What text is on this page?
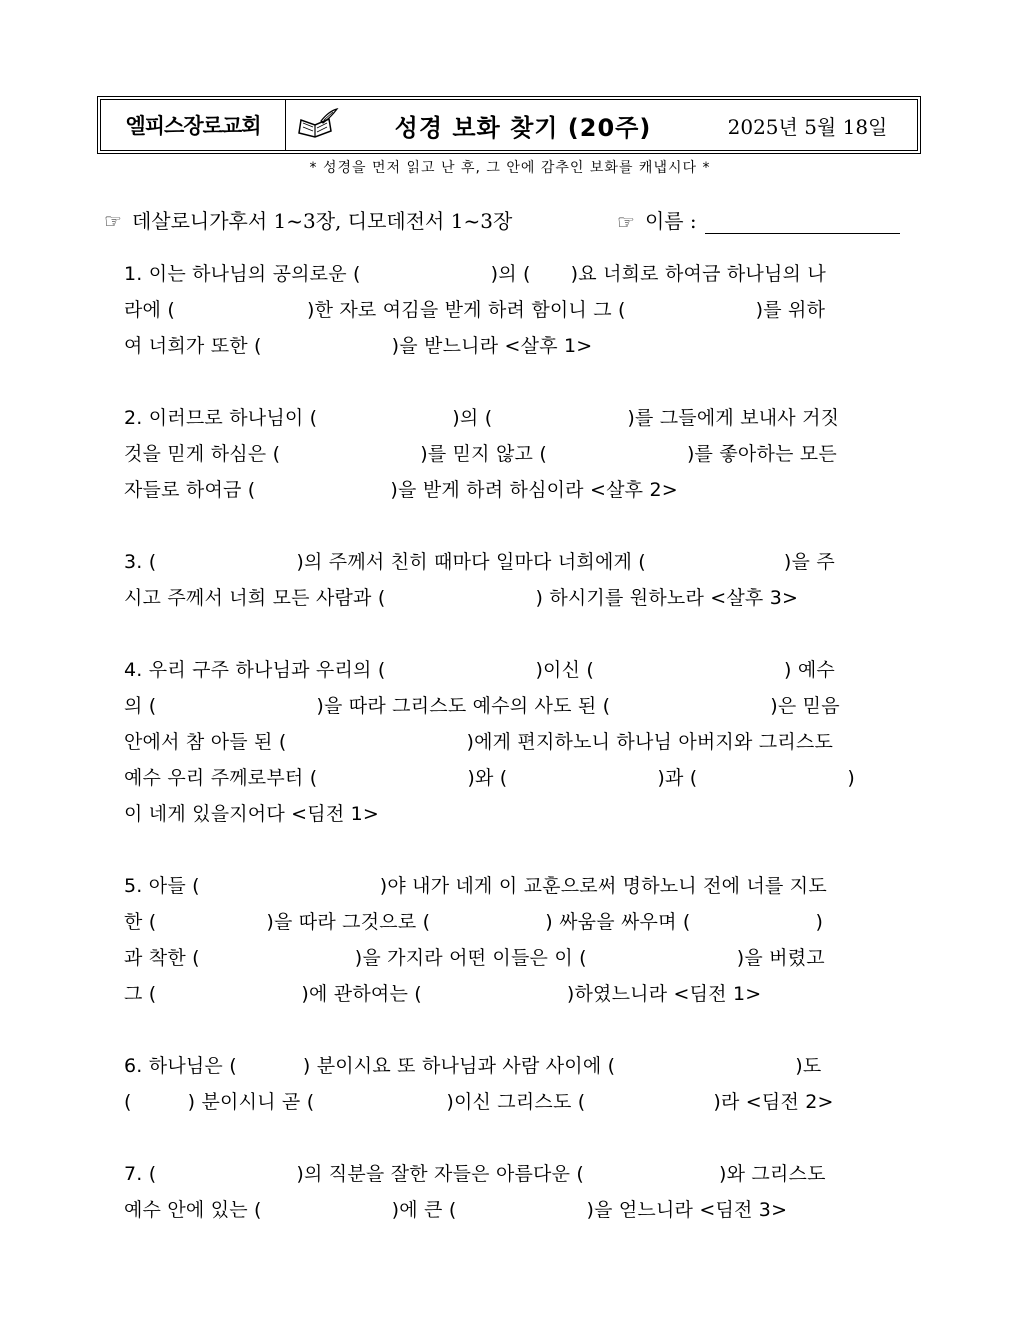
엘피스장로교회	성경 보화 찾기 (20주)	2025년 5월 18일
* 성경을 먼저 읽고 난 후, 그 안에 감추인 보화를 캐냅시다 *
☞ 데살로니가후서 1~3장, 디모데전서 1~3장	☞ 이름 :
1. 이는 하나님의 공의로운 (	)의 ( )요 너희로 하여금 하나님의 나
라에 (	)한 자로 여김을 받게 하려 함이니 그 (	)를 위하
여 너희가 또한 (	)을 받느니라 <살후 1>
2. 이러므로 하나님이 (	)의 (	)를 그들에게 보내사 거짓
것을 믿게 하심은 (	)를 믿지 않고 (	)를 좋아하는 모든
자들로 하여금 (	)을 받게 하려 하심이라 <살후 2>
3. (	)의 주께서 친히 때마다 일마다 너희에게 (	)을 주
시고 주께서 너희 모든 사람과 (	) 하시기를 원하노라 <살후 3>
4. 우리 구주 하나님과 우리의 (	)이신 (	) 예수
의 (	)을 따라 그리스도 예수의 사도 된 (	)은 믿음
안에서 참 아들 된 (	)에게 편지하노니 하나님 아버지와 그리스도
예수 우리 주께로부터 (	)와 (	)과 (	)
이 네게 있을지어다 <딤전 1>
5. 아들 (	)야 내가 네게 이 교훈으로써 명하노니 전에 너를 지도
한 (	)을 따라 그것으로 (	) 싸움을 싸우며 (	)
과 착한 (	)을 가지라 어떤 이들은 이 (	)을 버렸고
그 (	)에 관하여는 (	)하였느니라 <딤전 1>
6. 하나님은 (	) 분이시요 또 하나님과 사람 사이에 (	)도
(	) 분이시니 곧 (	)이신 그리스도 (	)라 <딤전 2>
7. (	)의 직분을 잘한 자들은 아름다운 (	)와 그리스도
예수 안에 있는 (	)에 큰 (	)을 얻느니라 <딤전 3>
